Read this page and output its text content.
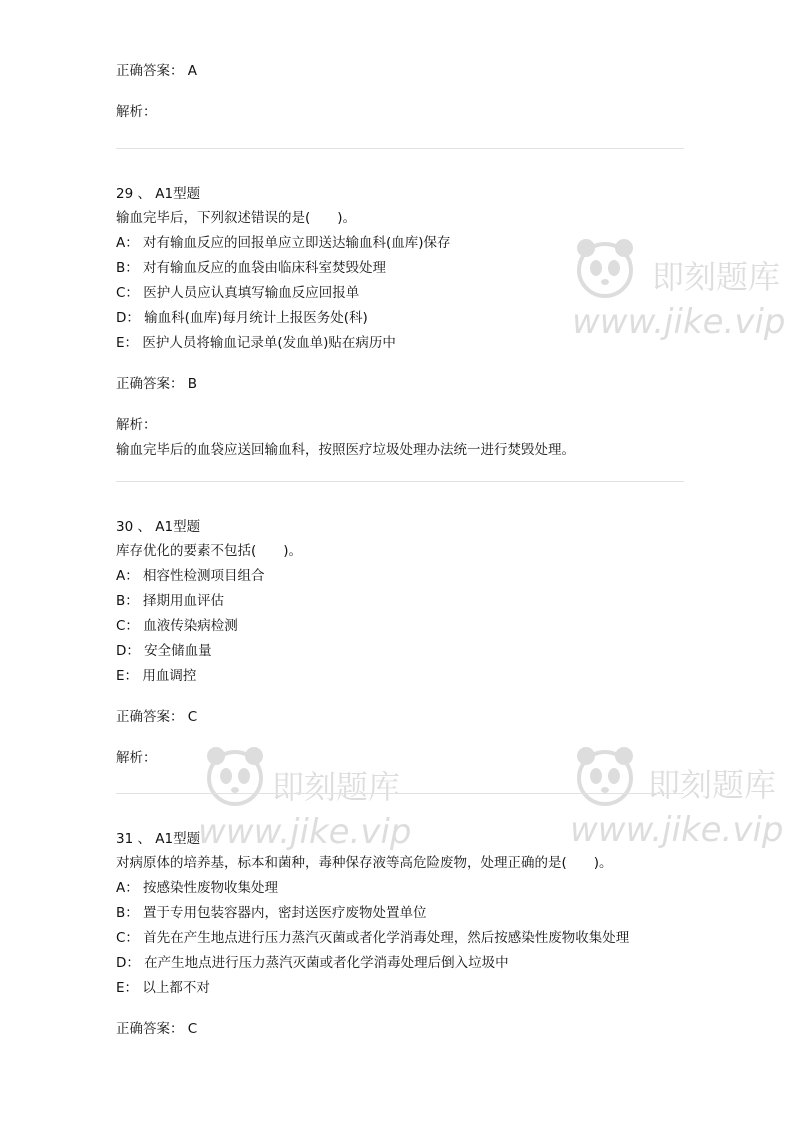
即刻题库
www.jike.vip
即刻题库
www.jike.vip
即刻题库
www.jike.vip
正确答案： A
解析：
29 、 A1型题
输血完毕后，下列叙述错误的是(　　)。
A： 对有输血反应的回报单应立即送达输血科(血库)保存
B： 对有输血反应的血袋由临床科室焚毁处理
C： 医护人员应认真填写输血反应回报单
D： 输血科(血库)每月统计上报医务处(科)
E： 医护人员将输血记录单(发血单)贴在病历中
正确答案： B
解析：
输血完毕后的血袋应送回输血科，按照医疗垃圾处理办法统一进行焚毁处理。
30 、 A1型题
库存优化的要素不包括(　　)。
A： 相容性检测项目组合
B： 择期用血评估
C： 血液传染病检测
D： 安全储血量
E： 用血调控
正确答案： C
解析：
31 、 A1型题
对病原体的培养基，标本和菌种，毒种保存液等高危险废物，处理正确的是(　　)。
A： 按感染性废物收集处理
B： 置于专用包装容器内，密封送医疗废物处置单位
C： 首先在产生地点进行压力蒸汽灭菌或者化学消毒处理，然后按感染性废物收集处理
D： 在产生地点进行压力蒸汽灭菌或者化学消毒处理后倒入垃圾中
E： 以上都不对
正确答案： C
